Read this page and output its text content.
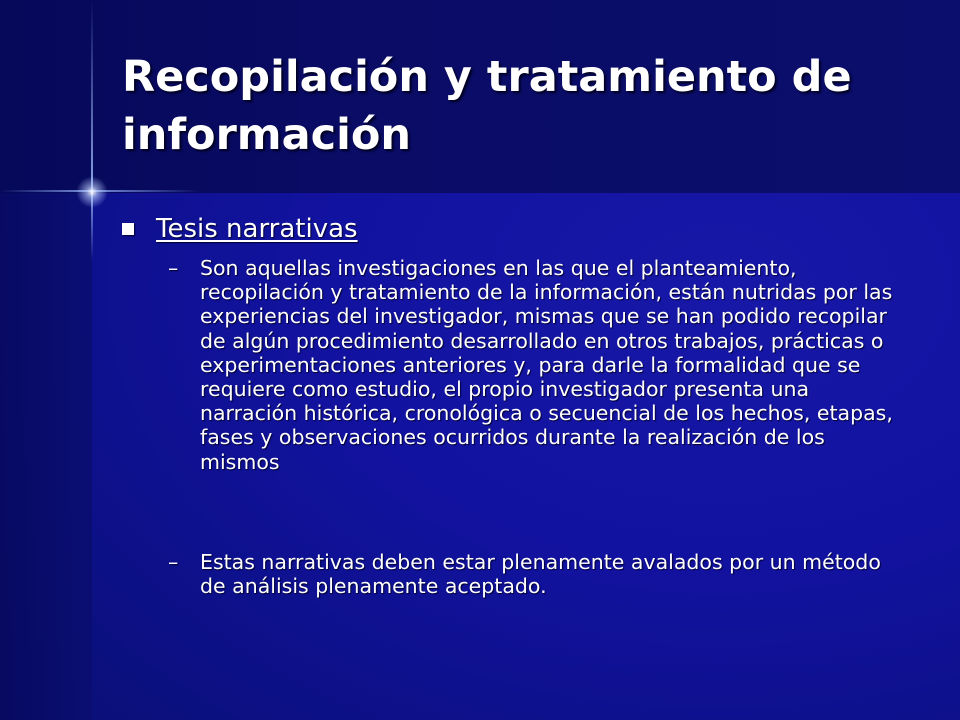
Recopilación y tratamiento de información
Tesis narrativas
–	Son aquellas investigaciones en las que el planteamiento, recopilación y tratamiento de la información, están nutridas por las experiencias del investigador, mismas que se han podido recopilar de algún procedimiento desarrollado en otros trabajos, prácticas o experimentaciones anteriores y, para darle la formalidad que se requiere como estudio, el propio investigador presenta una narración histórica, cronológica o secuencial de los hechos, etapas, fases y observaciones ocurridos durante la realización de los mismos
–	Estas narrativas deben estar plenamente avalados por un método de análisis plenamente aceptado.
